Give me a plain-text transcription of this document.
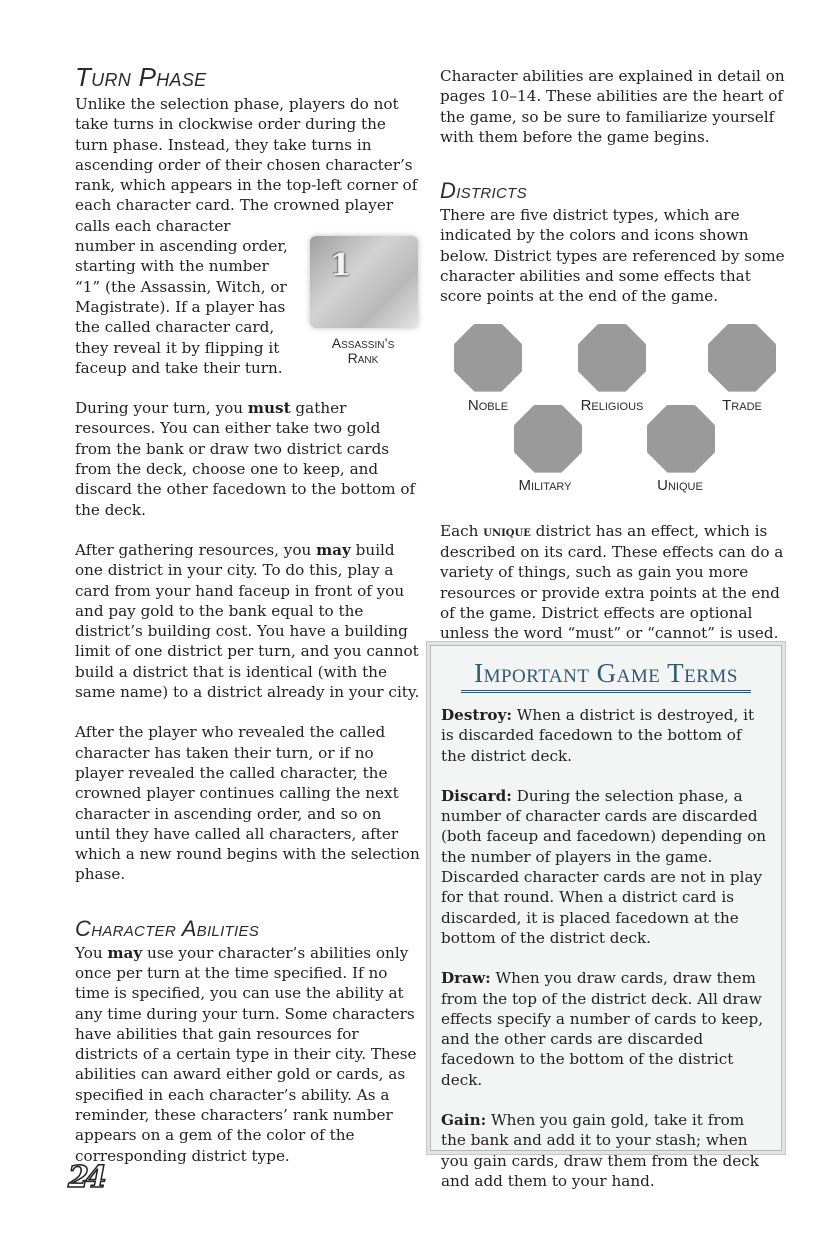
Turn Phase

Unlike the selection phase, players do not take turns in clockwise order during the turn phase. Instead, they take turns in ascending order of their chosen character’s rank, which appears in the top-left corner of each character card. The crowned player calls each character

number in ascending order,

starting with the number

“1” (the Assassin, Witch, or

Magistrate). If a player has

the called character card,

they reveal it by flipping it

faceup and take their turn.

1
Assassin’s
Rank

During your turn, you must gather resources. You can either take two gold from the bank or draw two district cards from the deck, choose one to keep, and discard the other facedown to the bottom of the deck.

After gathering resources, you may build one district in your city. To do this, play a card from your hand faceup in front of you and pay gold to the bank equal to the district’s building cost. You have a building limit of one district per turn, and you cannot build a district that is identical (with the same name) to a district already in your city.

After the player who revealed the called character has taken their turn, or if no player revealed the called character, the crowned player continues calling the next character in ascending order, and so on until they have called all characters, after which a new round begins with the selection phase.

Character Abilities

You may use your character’s abilities only once per turn at the time specified. If no time is specified, you can use the ability at any time during your turn. Some characters have abilities that gain resources for districts of a certain type in their city. These abilities can award either gold or cards, as specified in each character’s ability. As a reminder, these characters’ rank number appears on a gem of the color of the corresponding district type.

Character abilities are explained in detail on pages 10–14. These abilities are the heart of the game, so be sure to familiarize yourself with them before the game begins.

Districts

There are five district types, which are indicated by the colors and icons shown below. District types are referenced by some character abilities and some effects that score points at the end of the game.

Noble	Religious	Trade
Military	Unique

Each unique district has an effect, which is described on its card. These effects can do a variety of things, such as gain you more resources or provide extra points at the end of the game. District effects are optional unless the word “must” or “cannot” is used.

Important Game Terms

Destroy: When a district is destroyed, it is discarded facedown to the bottom of the district deck.

Discard: During the selection phase, a number of character cards are discarded (both faceup and facedown) depending on the number of players in the game. Discarded character cards are not in play for that round. When a district card is discarded, it is placed facedown at the bottom of the district deck.

Draw: When you draw cards, draw them from the top of the district deck. All draw effects specify a number of cards to keep, and the other cards are discarded facedown to the bottom of the district deck.

Gain: When you gain gold, take it from the bank and add it to your stash; when you gain cards, draw them from the deck and add them to your hand.

24
